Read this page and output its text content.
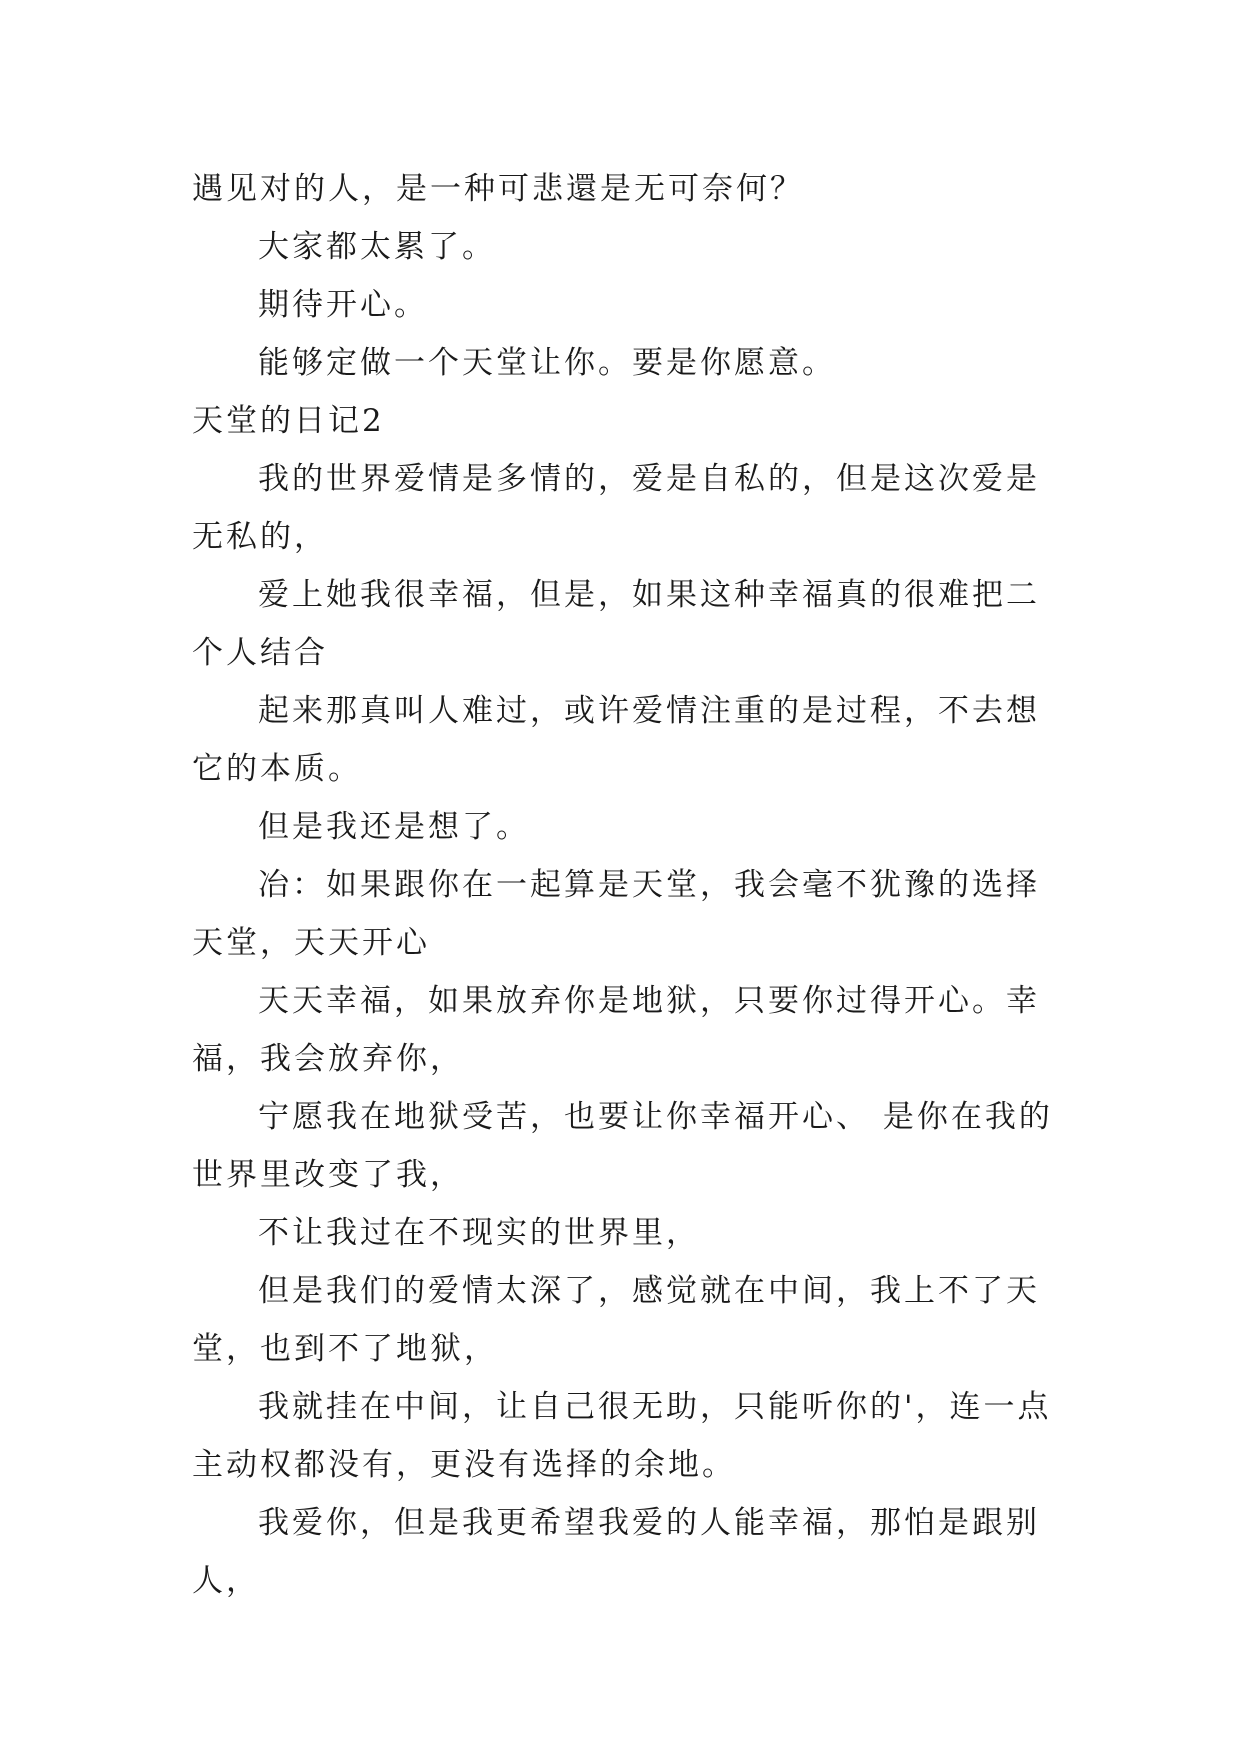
遇见对的人，是一种可悲還是无可奈何？

大家都太累了。

期待开心。

能够定做一个天堂让你。要是你愿意。

天堂的日记2

我的世界爱情是多情的，爱是自私的，但是这次爱是无私的，

爱上她我很幸福，但是，如果这种幸福真的很难把二个人结合

起来那真叫人难过，或许爱情注重的是过程，不去想它的本质。

但是我还是想了。

冶：如果跟你在一起算是天堂，我会毫不犹豫的选择天堂，天天开心

天天幸福，如果放弃你是地狱，只要你过得开心。幸福，我会放弃你，

宁愿我在地狱受苦，也要让你幸福开心、 是你在我的世界里改变了我，

不让我过在不现实的世界里，

但是我们的爱情太深了，感觉就在中间，我上不了天堂，也到不了地狱，

我就挂在中间，让自己很无助，只能听你的'，连一点主动权都没有，更没有选择的余地。

我爱你，但是我更希望我爱的人能幸福，那怕是跟别人，
